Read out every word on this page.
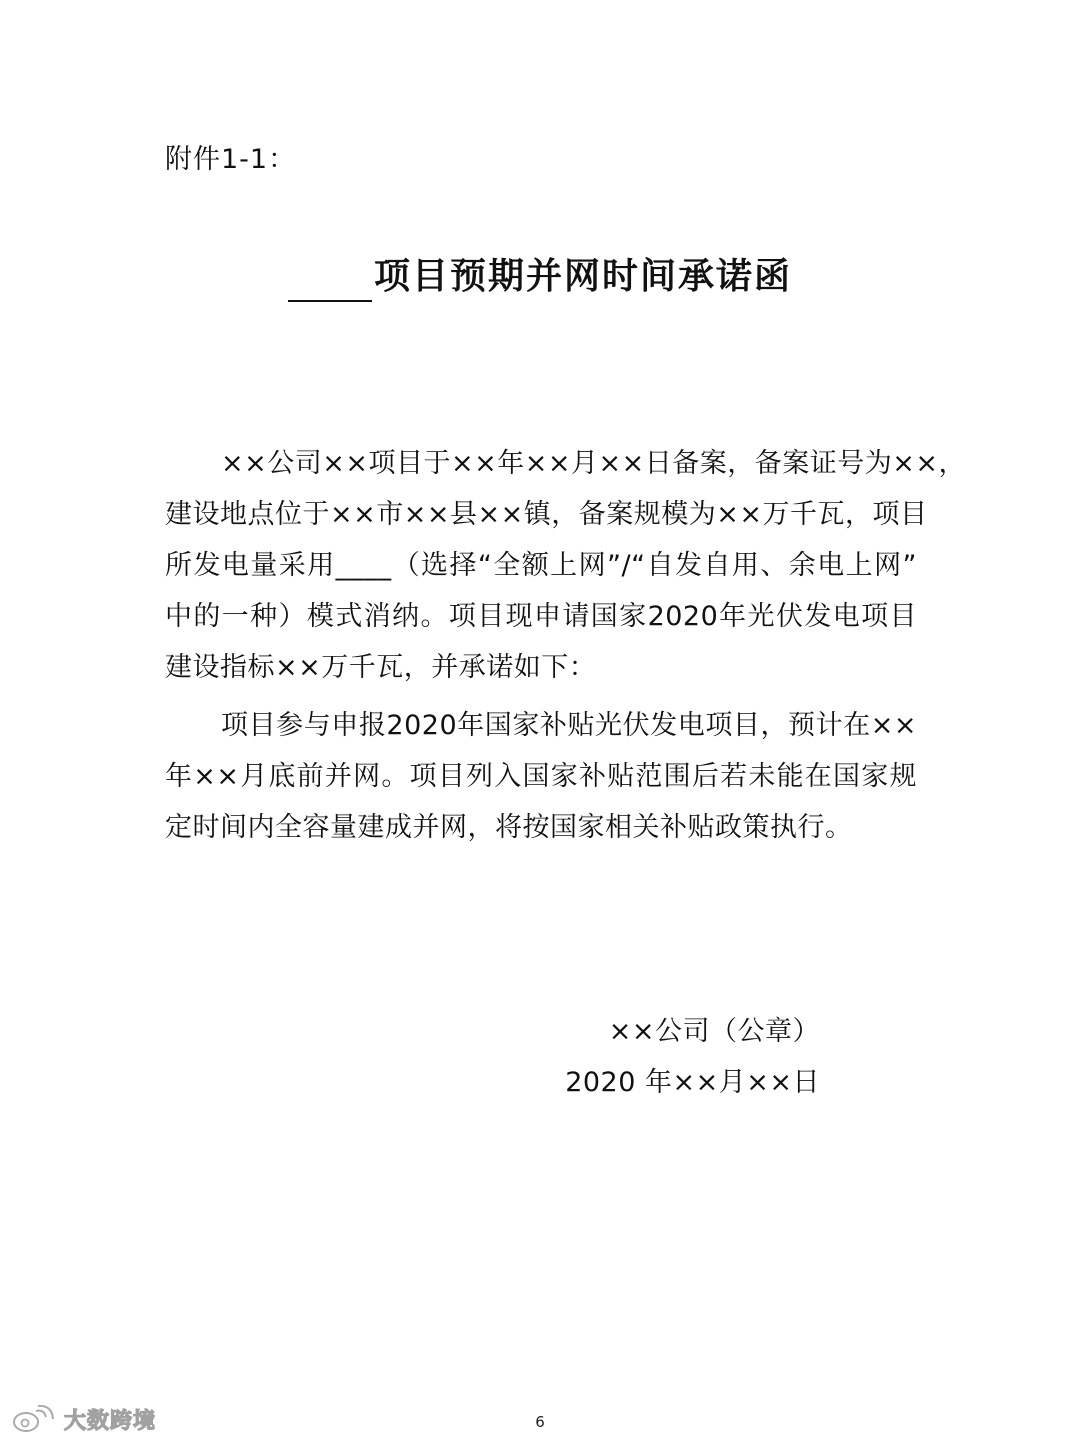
附件1-1：
项目预期并网时间承诺函
××公司××项目于××年××月××日备案，备案证号为××，
建设地点位于××市××县××镇，备案规模为××万千瓦，项目
所发电量采用____（选择“全额上网”/“自发自用、余电上网”
中的一种）模式消纳。项目现申请国家2020年光伏发电项目
建设指标××万千瓦，并承诺如下：
项目参与申报2020年国家补贴光伏发电项目，预计在××
年××月底前并网。项目列入国家补贴范围后若未能在国家规
定时间内全容量建成并网，将按国家相关补贴政策执行。
××公司（公章）
2020 年××月××日
6
大数跨境
